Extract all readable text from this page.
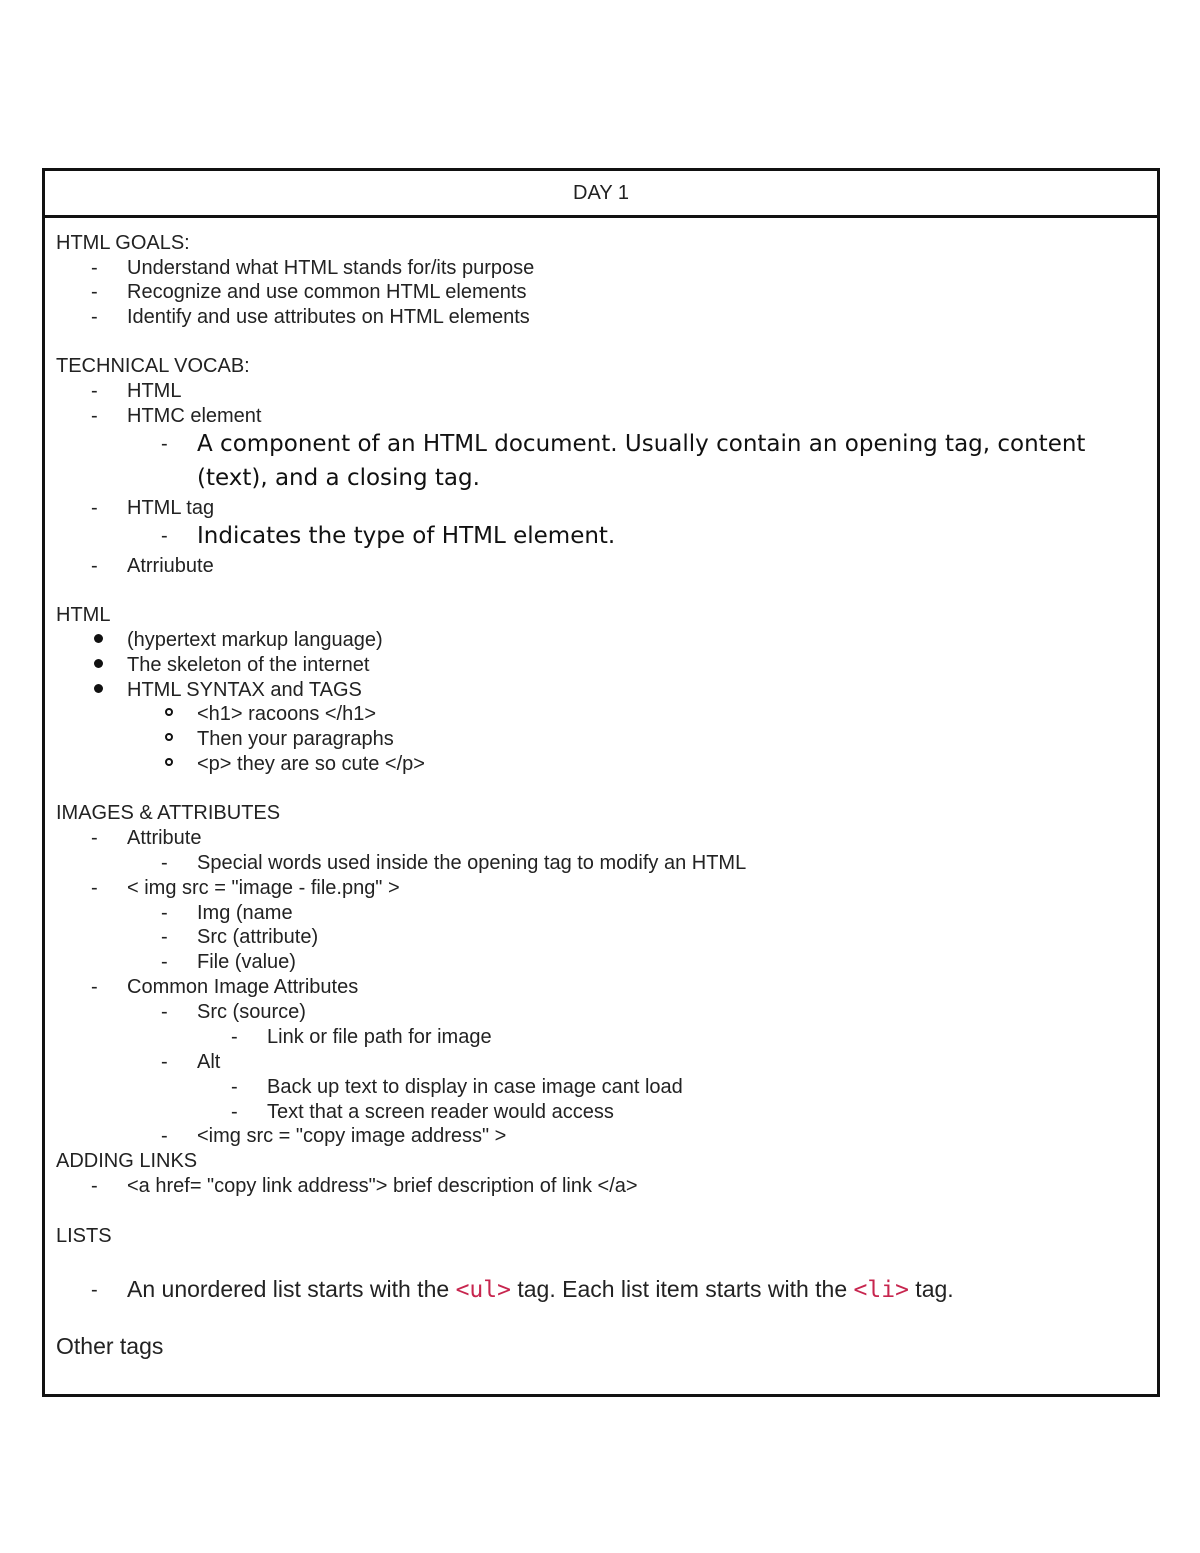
DAY 1
HTML GOALS:
- Understand what HTML stands for/its purpose
- Recognize and use common HTML elements
- Identify and use attributes on HTML elements
TECHNICAL VOCAB:
- HTML
- HTMC element
- A component of an HTML document. Usually contain an opening tag, content
(text), and a closing tag.
- HTML tag
- Indicates the type of HTML element.
- Atrriubute
HTML
(hypertext markup language)
The skeleton of the internet
HTML SYNTAX and TAGS
<h1> racoons </h1>
Then your paragraphs
<p> they are so cute </p>
IMAGES & ATTRIBUTES
- Attribute
- Special words used inside the opening tag to modify an HTML
- < img src = "image - file.png" >
- Img (name
- Src (attribute)
- File (value)
- Common Image Attributes
- Src (source)
- Link or file path for image
- Alt
- Back up text to display in case image cant load
- Text that a screen reader would access
- <img src = "copy image address" >
ADDING LINKS
- <a href= "copy link address"> brief description of link </a>
LISTS
- An unordered list starts with the <ul> tag. Each list item starts with the <li> tag.
Other tags
